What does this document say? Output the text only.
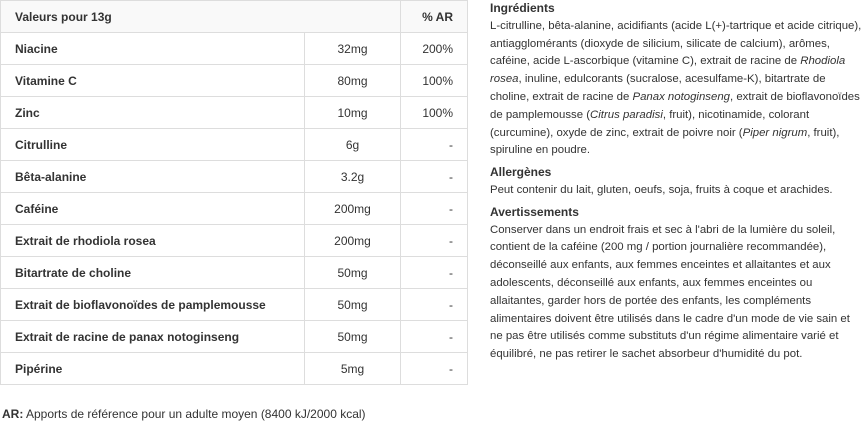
Valeurs pour 13g		% AR
Niacine	32mg	200%
Vitamine C	80mg	100%
Zinc	10mg	100%
Citrulline	6g	-
Bêta-alanine	3.2g	-
Caféine	200mg	-
Extrait de rhodiola rosea	200mg	-
Bitartrate de choline	50mg	-
Extrait de bioflavonoïdes de pamplemousse	50mg	-
Extrait de racine de panax notoginseng	50mg	-
Pipérine	5mg	-
AR: Apports de référence pour un adulte moyen (8400 kJ/2000 kcal)
Ingrédients

L-citrulline, bêta-alanine, acidifiants (acide L(+)-tartrique et acide citrique), antiagglomérants (dioxyde de silicium, silicate de calcium), arômes, caféine, acide L-ascorbique (vitamine C), extrait de racine de Rhodiola rosea, inuline, edulcorants (sucralose, acesulfame-K), bitartrate de choline, extrait de racine de Panax notoginseng, extrait de bioflavonoïdes de pamplemousse (Citrus paradisi, fruit), nicotinamide, colorant (curcumine), oxyde de zinc, extrait de poivre noir (Piper nigrum, fruit), spiruline en poudre.

Allergènes

Peut contenir du lait, gluten, oeufs, soja, fruits à coque et arachides.

Avertissements

Conserver dans un endroit frais et sec à l'abri de la lumière du soleil, contient de la caféine (200 mg / portion journalière recommandée), déconseillé aux enfants, aux femmes enceintes et allaitantes et aux adolescents, déconseillé aux enfants, aux femmes enceintes ou allaitantes, garder hors de portée des enfants, les compléments alimentaires doivent être utilisés dans le cadre d'un mode de vie sain et ne pas être utilisés comme substituts d'un régime alimentaire varié et équilibré, ne pas retirer le sachet absorbeur d'humidité du pot.
